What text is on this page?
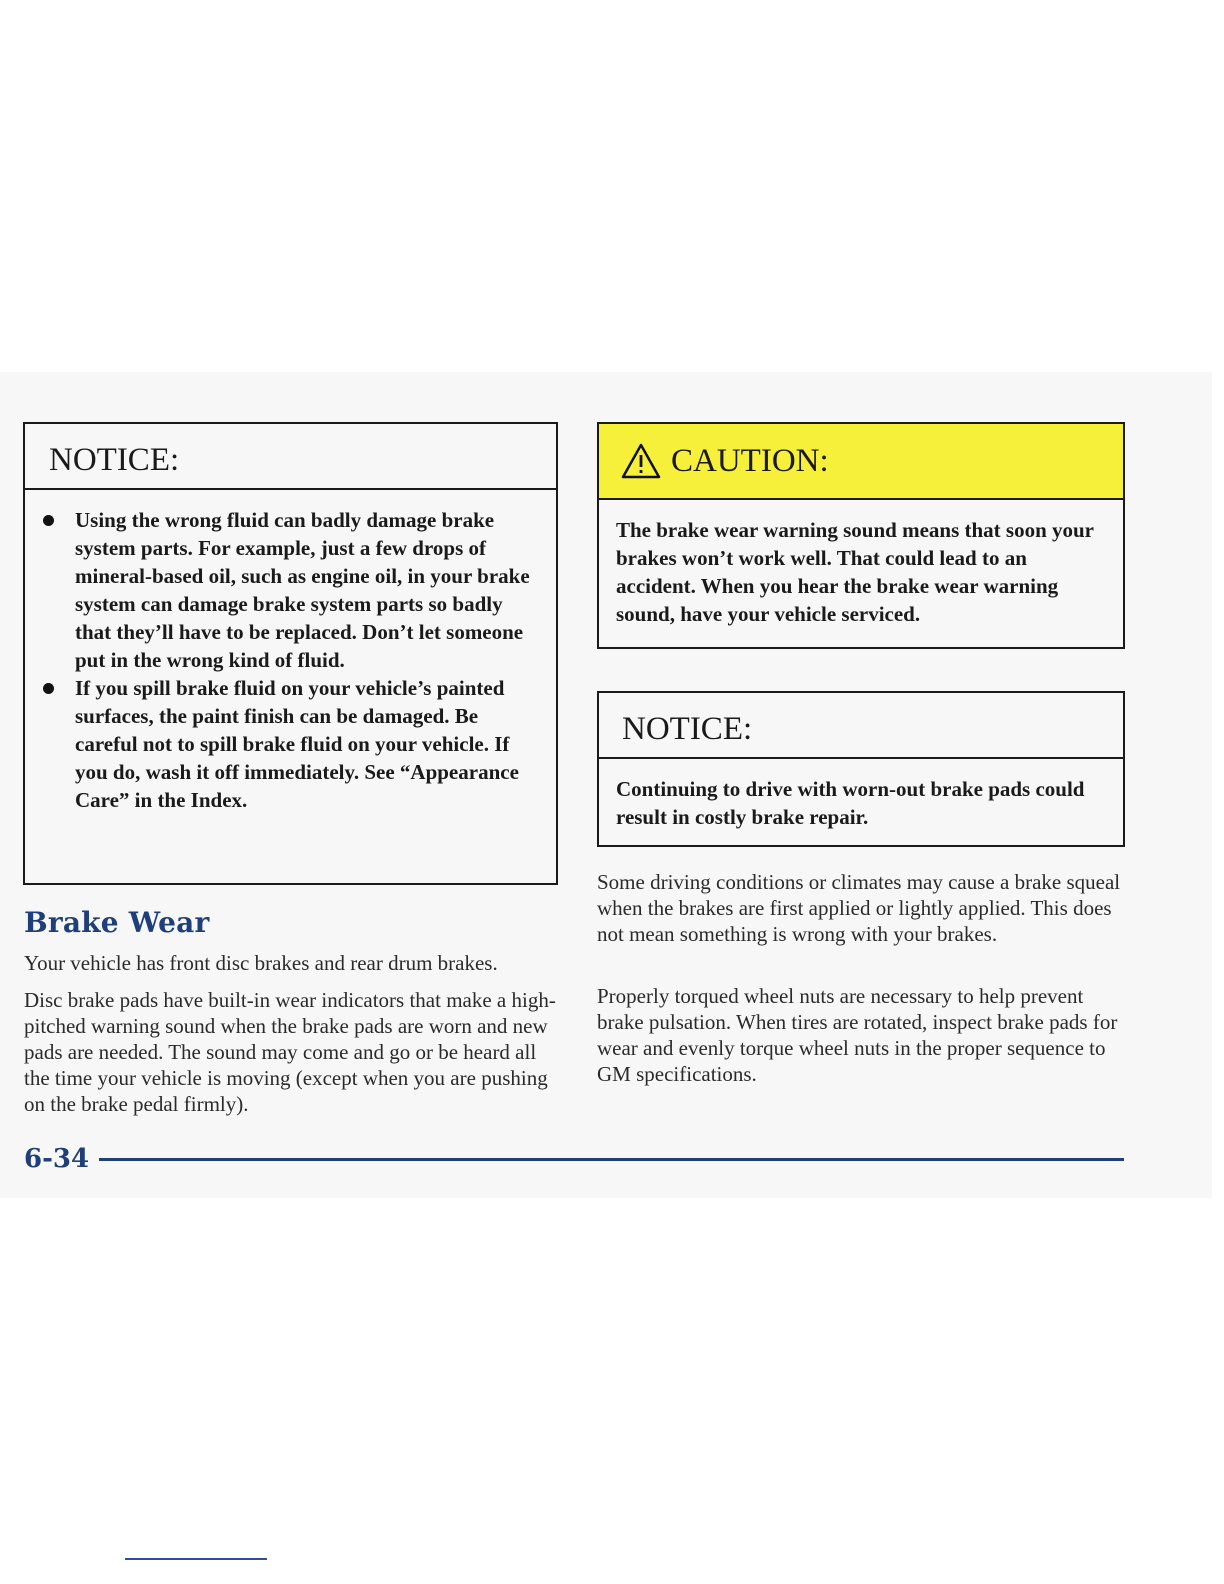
NOTICE:
Using the wrong fluid can badly damage brake system parts. For example, just a few drops of mineral-based oil, such as engine oil, in your brake system can damage brake system parts so badly that they’ll have to be replaced. Don’t let someone put in the wrong kind of fluid.
If you spill brake fluid on your vehicle’s painted surfaces, the paint finish can be damaged. Be careful not to spill brake fluid on your vehicle. If you do, wash it off immediately. See “Appearance Care” in the Index.
CAUTION:
The brake wear warning sound means that soon your brakes won’t work well. That could lead to an accident. When you hear the brake wear warning sound, have your vehicle serviced.
NOTICE:
Continuing to drive with worn-out brake pads could result in costly brake repair.
Brake Wear

Your vehicle has front disc brakes and rear drum brakes.

Disc brake pads have built-in wear indicators that make a high-pitched warning sound when the brake pads are worn and new pads are needed. The sound may come and go or be heard all the time your vehicle is moving (except when you are pushing on the brake pedal firmly).

Some driving conditions or climates may cause a brake squeal when the brakes are first applied or lightly applied. This does not mean something is wrong with your brakes.

Properly torqued wheel nuts are necessary to help prevent brake pulsation. When tires are rotated, inspect brake pads for wear and evenly torque wheel nuts in the proper sequence to GM specifications.

6-34
